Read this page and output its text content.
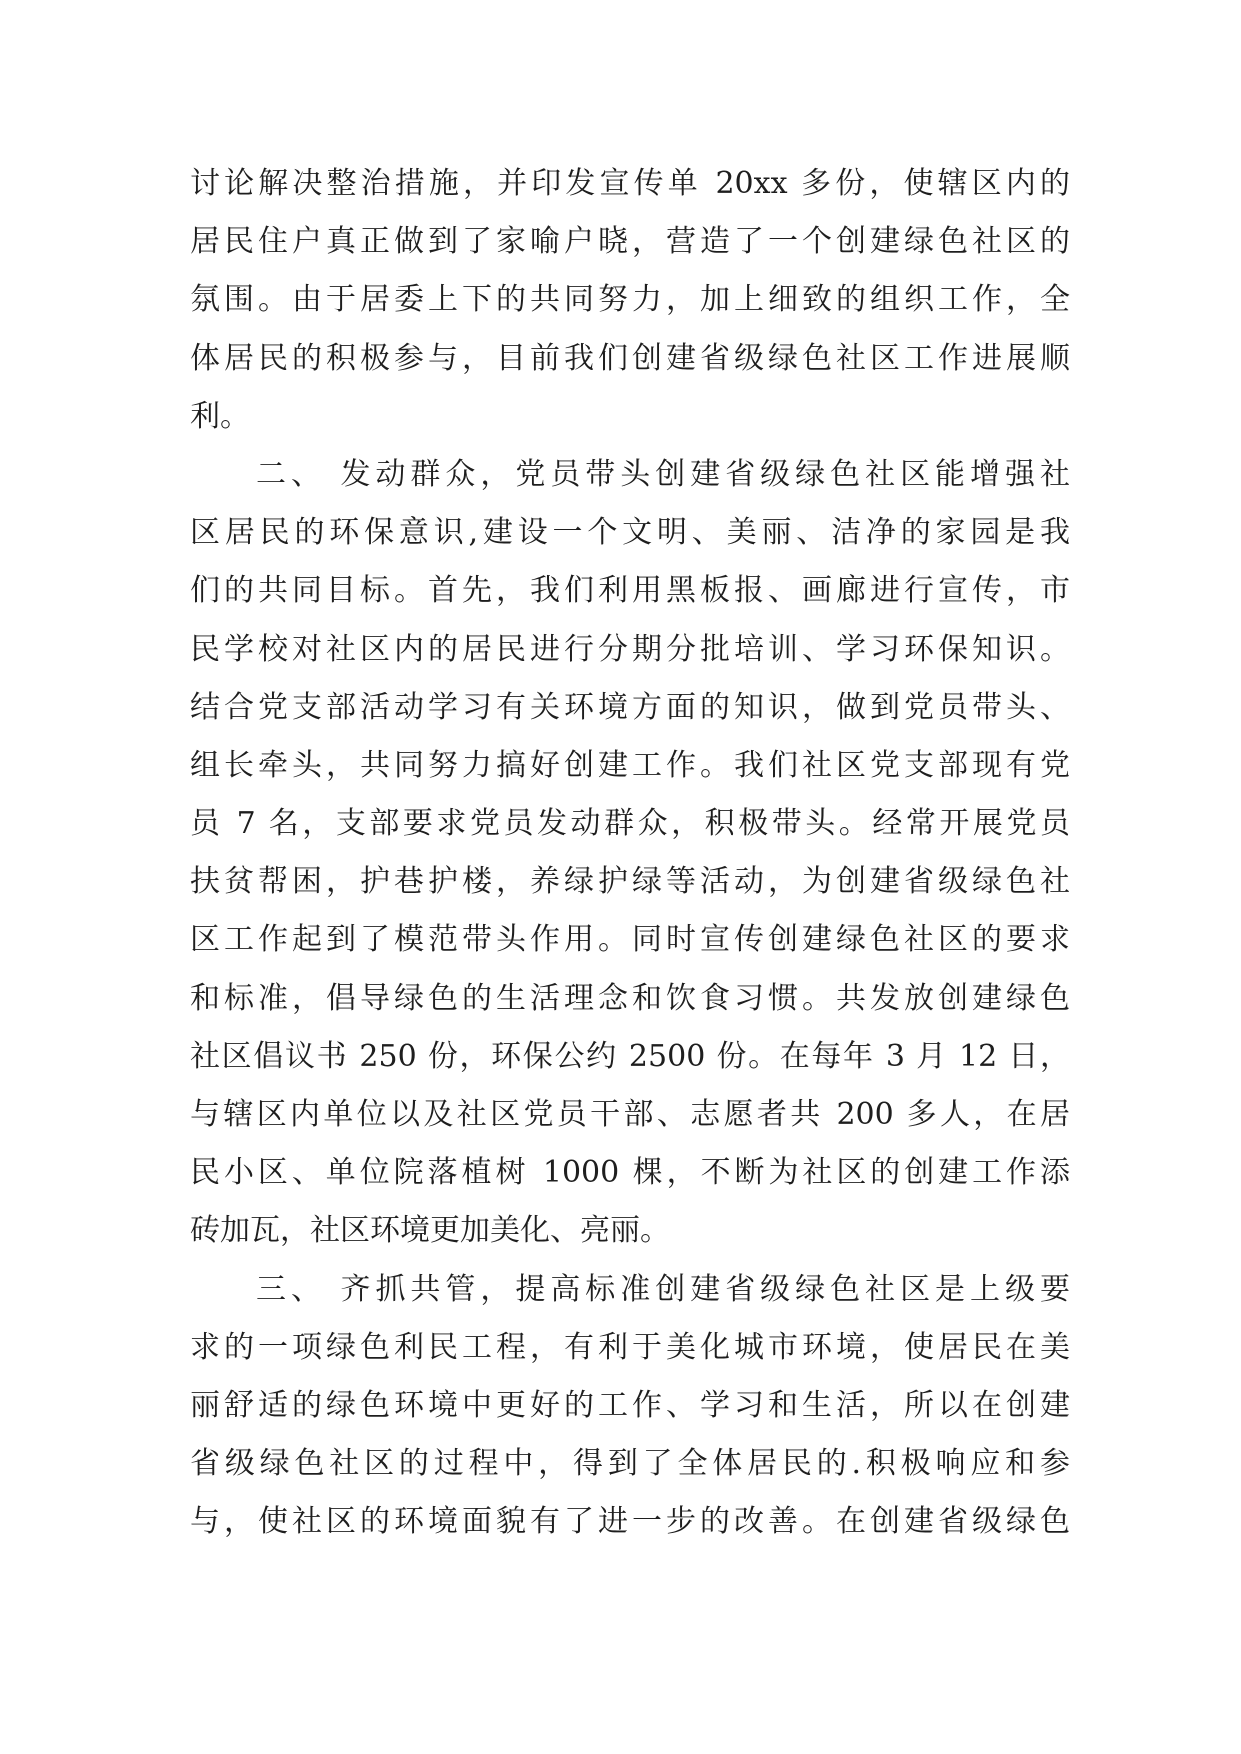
讨论解决整治措施，并印发宣传单 20xx 多份，使辖区内的
居民住户真正做到了家喻户晓，营造了一个创建绿色社区的
氛围。由于居委上下的共同努力，加上细致的组织工作，全
体居民的积极参与，目前我们创建省级绿色社区工作进展顺
利。
二、 发动群众，党员带头创建省级绿色社区能增强社
区居民的环保意识,建设一个文明、美丽、洁净的家园是我
们的共同目标。首先，我们利用黑板报、画廊进行宣传，市
民学校对社区内的居民进行分期分批培训、学习环保知识。
结合党支部活动学习有关环境方面的知识，做到党员带头、
组长牵头，共同努力搞好创建工作。我们社区党支部现有党
员 7 名，支部要求党员发动群众，积极带头。经常开展党员
扶贫帮困，护巷护楼，养绿护绿等活动，为创建省级绿色社
区工作起到了模范带头作用。同时宣传创建绿色社区的要求
和标准，倡导绿色的生活理念和饮食习惯。共发放创建绿色
社区倡议书 250 份，环保公约 2500 份。在每年 3 月 12 日，
与辖区内单位以及社区党员干部、志愿者共 200 多人，在居
民小区、单位院落植树 1000 棵，不断为社区的创建工作添
砖加瓦，社区环境更加美化、亮丽。
三、 齐抓共管，提高标准创建省级绿色社区是上级要
求的一项绿色利民工程，有利于美化城市环境，使居民在美
丽舒适的绿色环境中更好的工作、学习和生活，所以在创建
省级绿色社区的过程中，得到了全体居民的.积极响应和参
与，使社区的环境面貌有了进一步的改善。在创建省级绿色
